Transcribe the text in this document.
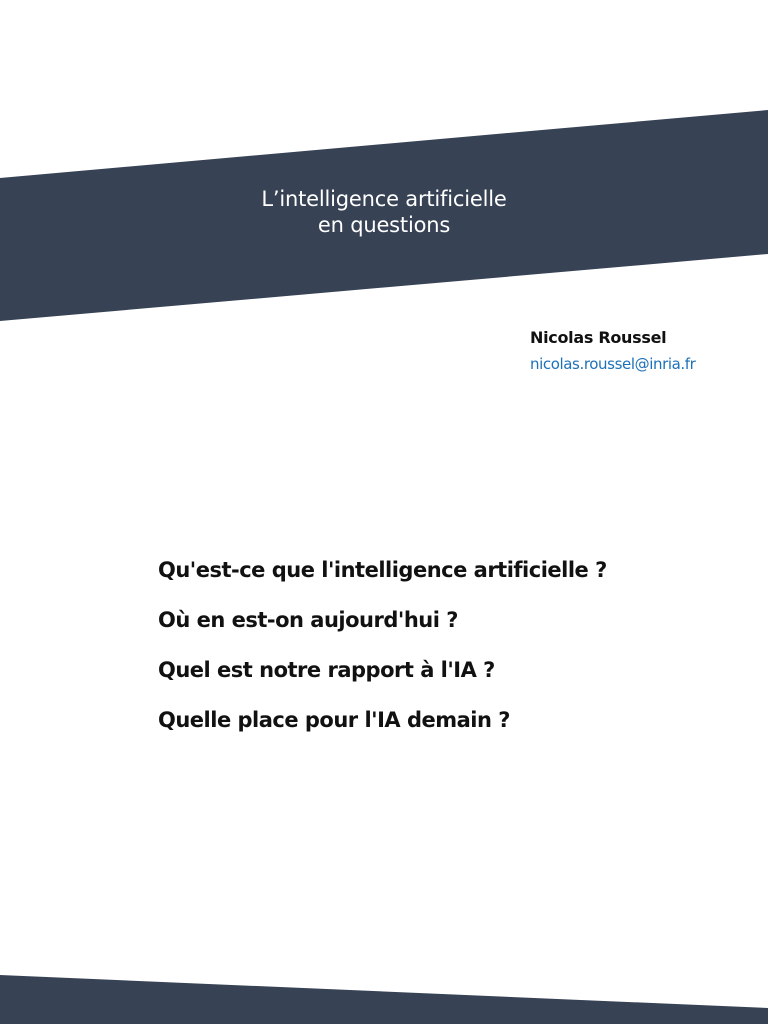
L’intelligence artificielle
en questions
Nicolas Roussel
nicolas.roussel@inria.fr
Qu'est-ce que l'intelligence artificielle ?
Où en est-on aujourd'hui ?
Quel est notre rapport à l'IA ?
Quelle place pour l'IA demain ?
